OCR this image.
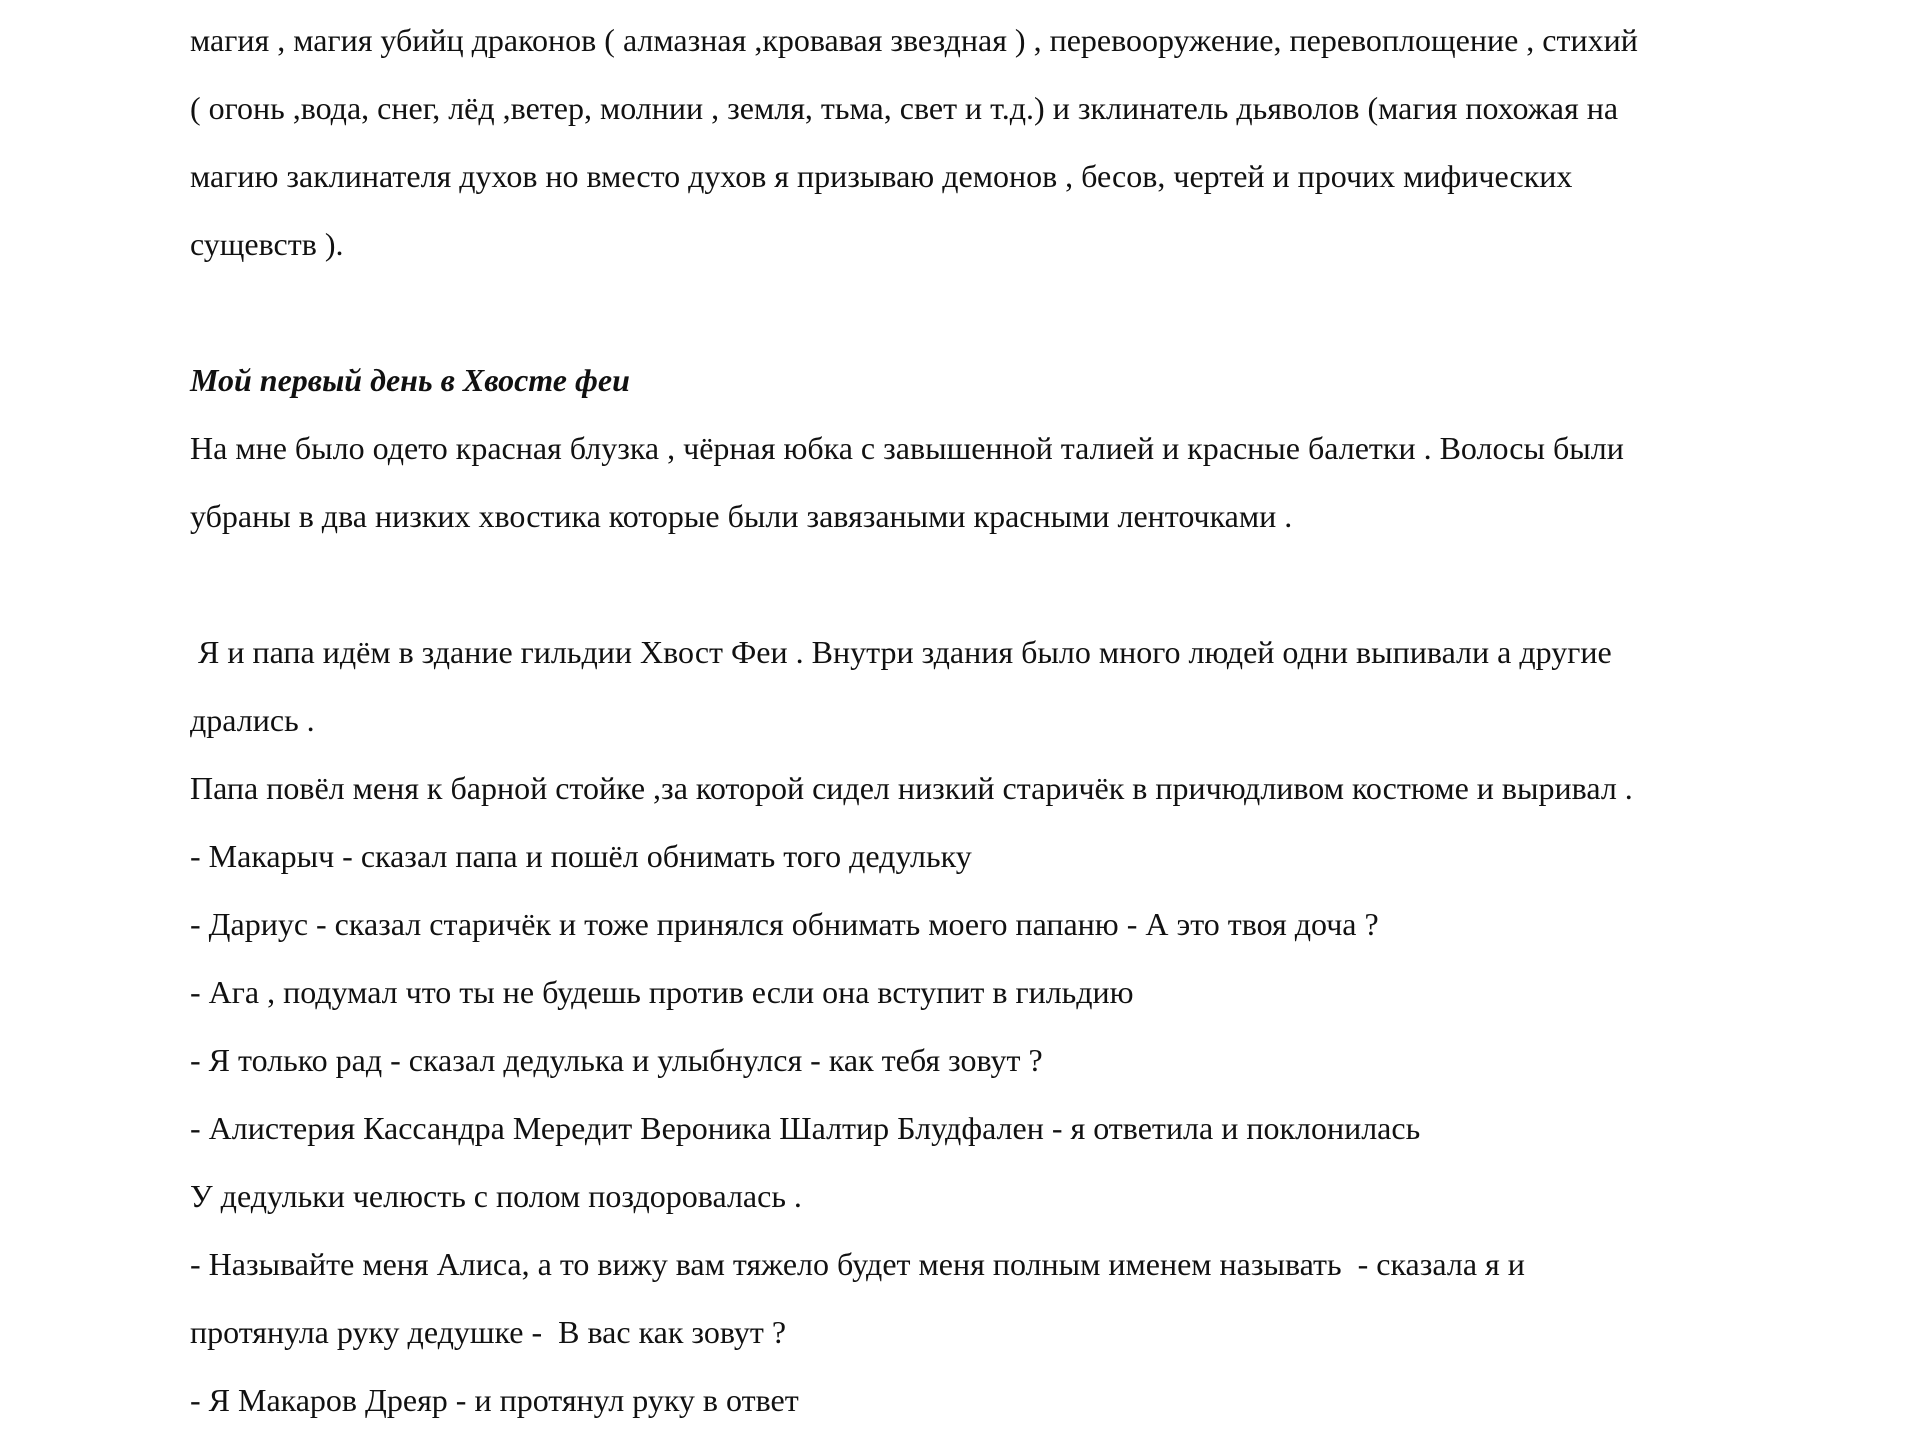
магия , магия убийц драконов ( алмазная ,кровавая звездная ) , перевооружение, перевоплощение , стихий
( огонь ,вода, снег, лёд ,ветер, молнии , земля, тьма, свет и т.д.) и зклинатель дьяволов (магия похожая на
магию заклинателя духов но вместо духов я призываю демонов , бесов, чертей и прочих мифических
сущевств ).
Мой первый день в Хвосте феи
На мне было одето красная блузка , чёрная юбка с завышенной талией и красные балетки . Волосы были
убраны в два низких хвостика которые были завязаными красными ленточками .
Я и папа идём в здание гильдии Хвост Феи . Внутри здания было много людей одни выпивали а другие
дрались .
Папа повёл меня к барной стойке ,за которой сидел низкий старичёк в причюдливом костюме и выривал .
- Макарыч - сказал папа и пошёл обнимать того дедульку
- Дариус - сказал старичёк и тоже принялся обнимать моего папаню - А это твоя доча ?
- Ага , подумал что ты не будешь против если она вступит в гильдию
- Я только рад - сказал дедулька и улыбнулся - как тебя зовут ?
- Алистерия Кассандра Мередит Вероника Шалтир Блудфален - я ответила и поклонилась
У дедульки челюсть с полом поздоровалась .
- Называйте меня Алиса, а то вижу вам тяжело будет меня полным именем называть  - сказала я и
протянула руку дедушке -  В вас как зовут ?
- Я Макаров Дреяр - и протянул руку в ответ
